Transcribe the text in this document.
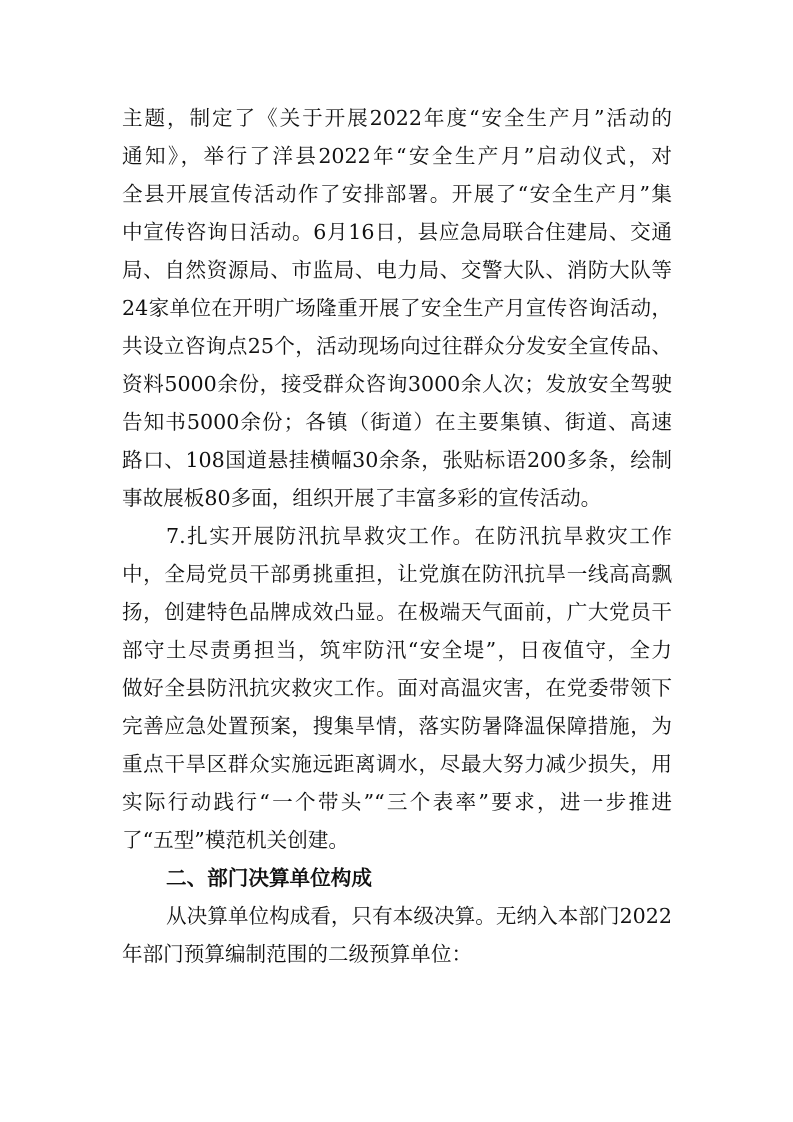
主题，制定了《关于开展2022年度“安全生产月”活动的
通知》，举行了洋县2022年“安全生产月”启动仪式，对
全县开展宣传活动作了安排部署。开展了“安全生产月”集
中宣传咨询日活动。6月16日，县应急局联合住建局、交通
局、自然资源局、市监局、电力局、交警大队、消防大队等
24家单位在开明广场隆重开展了安全生产月宣传咨询活动，
共设立咨询点25个，活动现场向过往群众分发安全宣传品、
资料5000余份，接受群众咨询3000余人次；发放安全驾驶
告知书5000余份；各镇（街道）在主要集镇、街道、高速
路口、108国道悬挂横幅30余条，张贴标语200多条，绘制
事故展板80多面，组织开展了丰富多彩的宣传活动。
7.扎实开展防汛抗旱救灾工作。在防汛抗旱救灾工作
中，全局党员干部勇挑重担，让党旗在防汛抗旱一线高高飘
扬，创建特色品牌成效凸显。在极端天气面前，广大党员干
部守土尽责勇担当，筑牢防汛“安全堤”，日夜值守，全力
做好全县防汛抗灾救灾工作。面对高温灾害，在党委带领下
完善应急处置预案，搜集旱情，落实防暑降温保障措施，为
重点干旱区群众实施远距离调水，尽最大努力减少损失，用
实际行动践行“一个带头”“三个表率”要求，进一步推进
了“五型”模范机关创建。
二、部门决算单位构成
从决算单位构成看，只有本级决算。无纳入本部门2022
年部门预算编制范围的二级预算单位：
